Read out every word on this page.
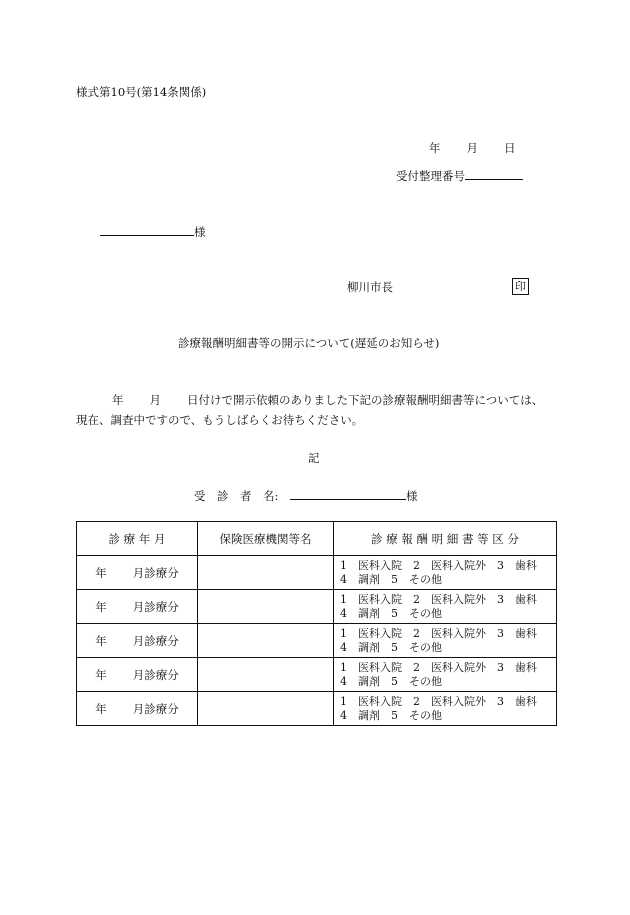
様式第10号(第14条関係)
年 月 日
受付整理番号
様
柳川市長	印
診療報酬明細書等の開示について(遅延のお知らせ)
年 月 日付けで開示依頼のありました下記の診療報酬明細書等については、
現在、調査中ですので、もうしばらくお待ちください。
記
受　診　者　名:	様
診 療 年 月	保険医療機関等名	診 療 報 酬 明 細 書 等 区 分
年 月診療分		1　医科入院　2　医科入院外　3　歯科
4　調剤　5　その他

年 月診療分		1　医科入院　2　医科入院外　3　歯科
4　調剤　5　その他

年 月診療分		1　医科入院　2　医科入院外　3　歯科
4　調剤　5　その他

年 月診療分		1　医科入院　2　医科入院外　3　歯科
4　調剤　5　その他

年 月診療分		1　医科入院　2　医科入院外　3　歯科
4　調剤　5　その他
